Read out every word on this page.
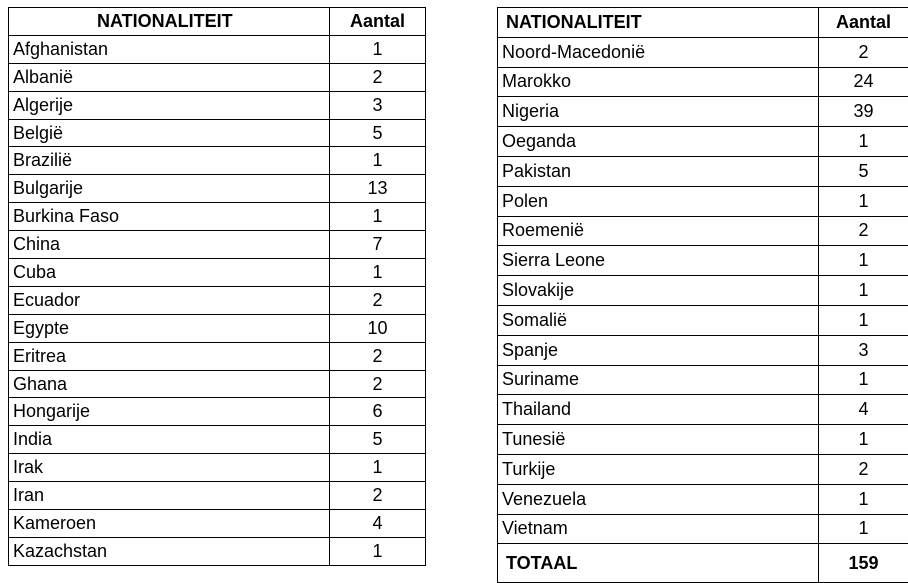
NATIONALITEIT	Aantal
Afghanistan	1
Albanië	2
Algerije	3
België	5
Brazilië	1
Bulgarije	13
Burkina Faso	1
China	7
Cuba	1
Ecuador	2
Egypte	10
Eritrea	2
Ghana	2
Hongarije	6
India	5
Irak	1
Iran	2
Kameroen	4
Kazachstan	1
NATIONALITEIT	Aantal
Noord-Macedonië	2
Marokko	24
Nigeria	39
Oeganda	1
Pakistan	5
Polen	1
Roemenië	2
Sierra Leone	1
Slovakije	1
Somalië	1
Spanje	3
Suriname	1
Thailand	4
Tunesië	1
Turkije	2
Venezuela	1
Vietnam	1
TOTAAL	159
